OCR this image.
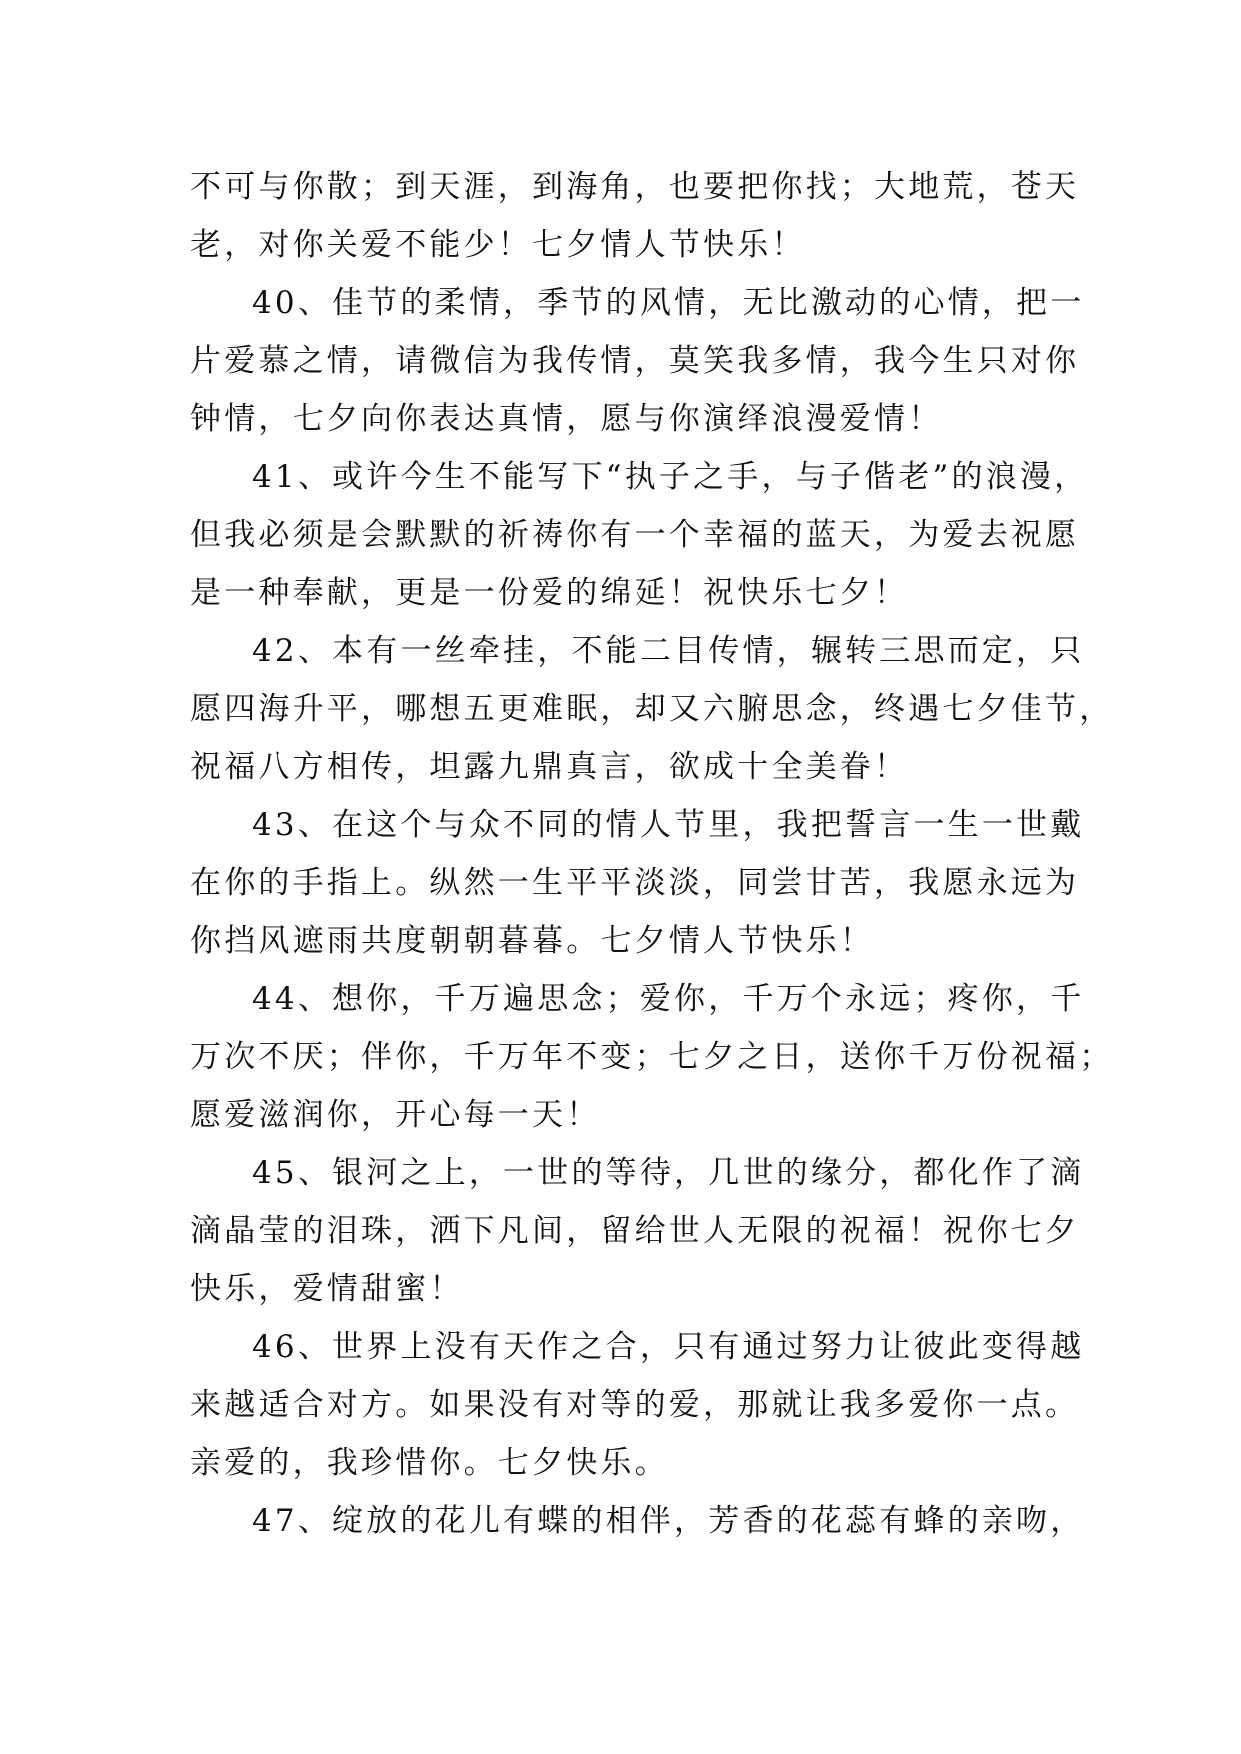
不可与你散；到天涯，到海角，也要把你找；大地荒，苍天
老，对你关爱不能少！七夕情人节快乐！
40、佳节的柔情，季节的风情，无比激动的心情，把一
片爱慕之情，请微信为我传情，莫笑我多情，我今生只对你
钟情，七夕向你表达真情，愿与你演绎浪漫爱情！
41、或许今生不能写下“执子之手，与子偕老”的浪漫，
但我必须是会默默的祈祷你有一个幸福的蓝天，为爱去祝愿
是一种奉献，更是一份爱的绵延！祝快乐七夕！
42、本有一丝牵挂，不能二目传情，辗转三思而定，只
愿四海升平，哪想五更难眠，却又六腑思念，终遇七夕佳节，
祝福八方相传，坦露九鼎真言，欲成十全美眷！
43、在这个与众不同的情人节里，我把誓言一生一世戴
在你的手指上。纵然一生平平淡淡，同尝甘苦，我愿永远为
你挡风遮雨共度朝朝暮暮。七夕情人节快乐！
44、想你，千万遍思念；爱你，千万个永远；疼你，千
万次不厌；伴你，千万年不变；七夕之日，送你千万份祝福；
愿爱滋润你，开心每一天！
45、银河之上，一世的等待，几世的缘分，都化作了滴
滴晶莹的泪珠，洒下凡间，留给世人无限的祝福！祝你七夕
快乐，爱情甜蜜！
46、世界上没有天作之合，只有通过努力让彼此变得越
来越适合对方。如果没有对等的爱，那就让我多爱你一点。
亲爱的，我珍惜你。七夕快乐。
47、绽放的花儿有蝶的相伴，芳香的花蕊有蜂的亲吻，
